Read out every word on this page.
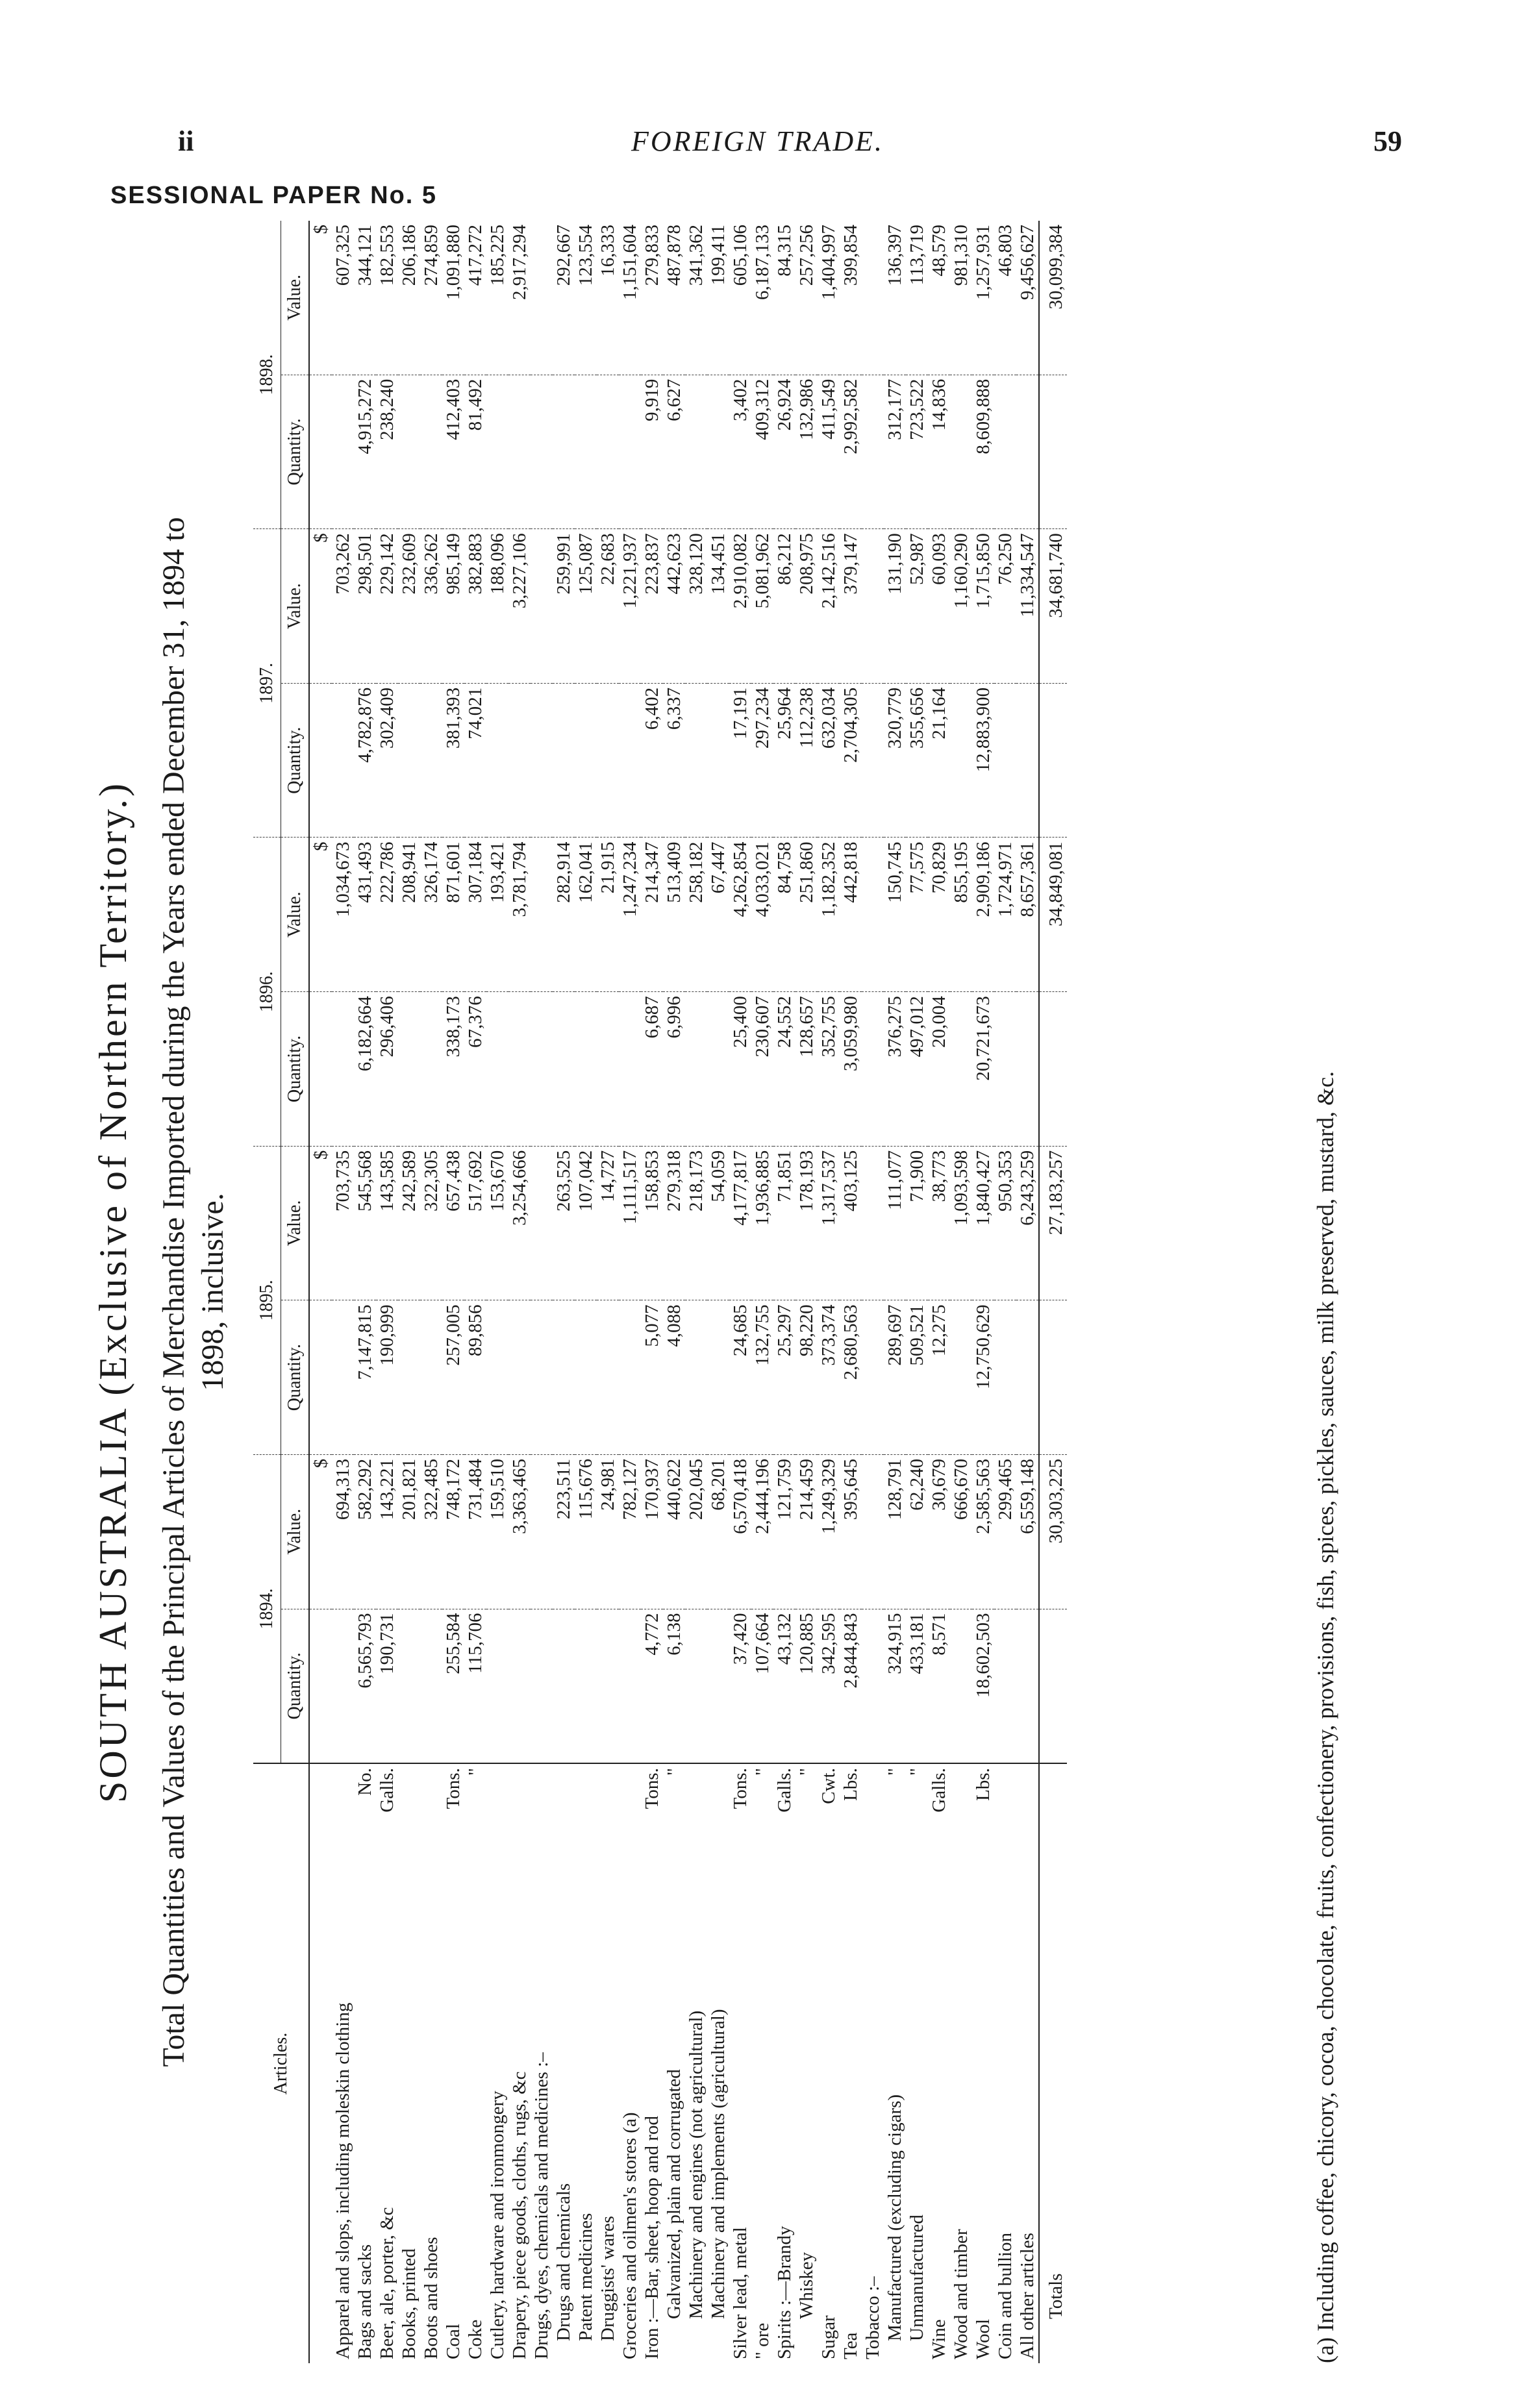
ii	FOREIGN TRADE.	59
SESSIONAL PAPER No. 5
SOUTH AUSTRALIA (Exclusive of Northern Territory.) Total Quantities and Values of the Principal Articles of Merchandise Imported during the Years ended December 31, 1894 to 1898, inclusive.
Articles.		1894.		1895.		1896.		1897.		1898.	
		Quantity.	Value.	Quantity.	Value.	Quantity.	Value.	Quantity.	Value.	Quantity.	Value.
			$		$		$		$		$
Apparel and slops, including moleskin clothing			694,313		703,735		1,034,673		703,262		607,325
Bags and sacks	No.	6,565,793	582,292	7,147,815	545,568	6,182,664	431,493	4,782,876	298,501	4,915,272	344,121
Beer, ale, porter, &c	Galls.	190,731	143,221	190,999	143,585	296,406	222,786	302,409	229,142	238,240	182,553
Books, printed			201,821		242,589		208,941		232,609		206,186
Boots and shoes			322,485		322,305		326,174		336,262		274,859
Coal	Tons.	255,584	748,172	257,005	657,438	338,173	871,601	381,393	985,149	412,403	1,091,880
Coke	"	115,706	731,484	89,856	517,692	67,376	307,184	74,021	382,883	81,492	417,272
Cutlery, hardware and ironmongery			159,510		153,670		193,421		188,096		185,225
Drapery, piece goods, cloths, rugs, &c			3,363,465		3,254,666		3,781,794		3,227,106		2,917,294
Drugs, dyes, chemicals and medicines :–											
Drugs and chemicals			223,511		263,525		282,914		259,991		292,667
Patent medicines			115,676		107,042		162,041		125,087		123,554
Druggists' wares			24,981		14,727		21,915		22,683		16,333
Groceries and oilmen's stores (a)			782,127		1,111,517		1,247,234		1,221,937		1,151,604
Iron :—Bar, sheet, hoop and rod	Tons.	4,772	170,937	5,077	158,853	6,687	214,347	6,402	223,837	9,919	279,833
Galvanized, plain and corrugated	"	6,138	440,622	4,088	279,318	6,996	513,409	6,337	442,623	6,627	487,878
Machinery and engines (not agricultural)			202,045		218,173		258,182		328,120		341,362
Machinery and implements (agricultural)			68,201		54,059		67,447		134,451		199,411
Silver lead, metal	Tons.	37,420	6,570,418	24,685	4,177,817	25,400	4,262,854	17,191	2,910,082	3,402	605,106
" ore	"	107,664	2,444,196	132,755	1,936,885	230,607	4,033,021	297,234	5,081,962	409,312	6,187,133
Spirits :—Brandy	Galls.	43,132	121,759	25,297	71,851	24,552	84,758	25,964	86,212	26,924	84,315
Whiskey	"	120,885	214,459	98,220	178,193	128,657	251,860	112,238	208,975	132,986	257,256
Sugar	Cwt.	342,595	1,249,329	373,374	1,317,537	352,755	1,182,352	632,034	2,142,516	411,549	1,404,997
Tea	Lbs.	2,844,843	395,645	2,680,563	403,125	3,059,980	442,818	2,704,305	379,147	2,992,582	399,854
Tobacco :–											
Manufactured (excluding cigars)	"	324,915	128,791	289,697	111,077	376,275	150,745	320,779	131,190	312,177	136,397
Unmanufactured	"	433,181	62,240	509,521	71,900	497,012	77,575	355,656	52,987	723,522	113,719
Wine	Galls.	8,571	30,679	12,275	38,773	20,004	70,829	21,164	60,093	14,836	48,579
Wood and timber			666,670		1,093,598		855,195		1,160,290		981,310
Wool	Lbs.	18,602,503	2,585,563	12,750,629	1,840,427	20,721,673	2,909,186	12,883,900	1,715,850	8,609,888	1,257,931
Coin and bullion			299,465		950,353		1,724,971		76,250		46,803
All other articles			6,559,148		6,243,259		8,657,361		11,334,547		9,456,627
Totals			30,303,225		27,183,257		34,849,081		34,681,740		30,099,384
(a) Including coffee, chicory, cocoa, chocolate, fruits, confectionery, provisions, fish, spices, pickles, sauces, milk preserved, mustard, &c.
